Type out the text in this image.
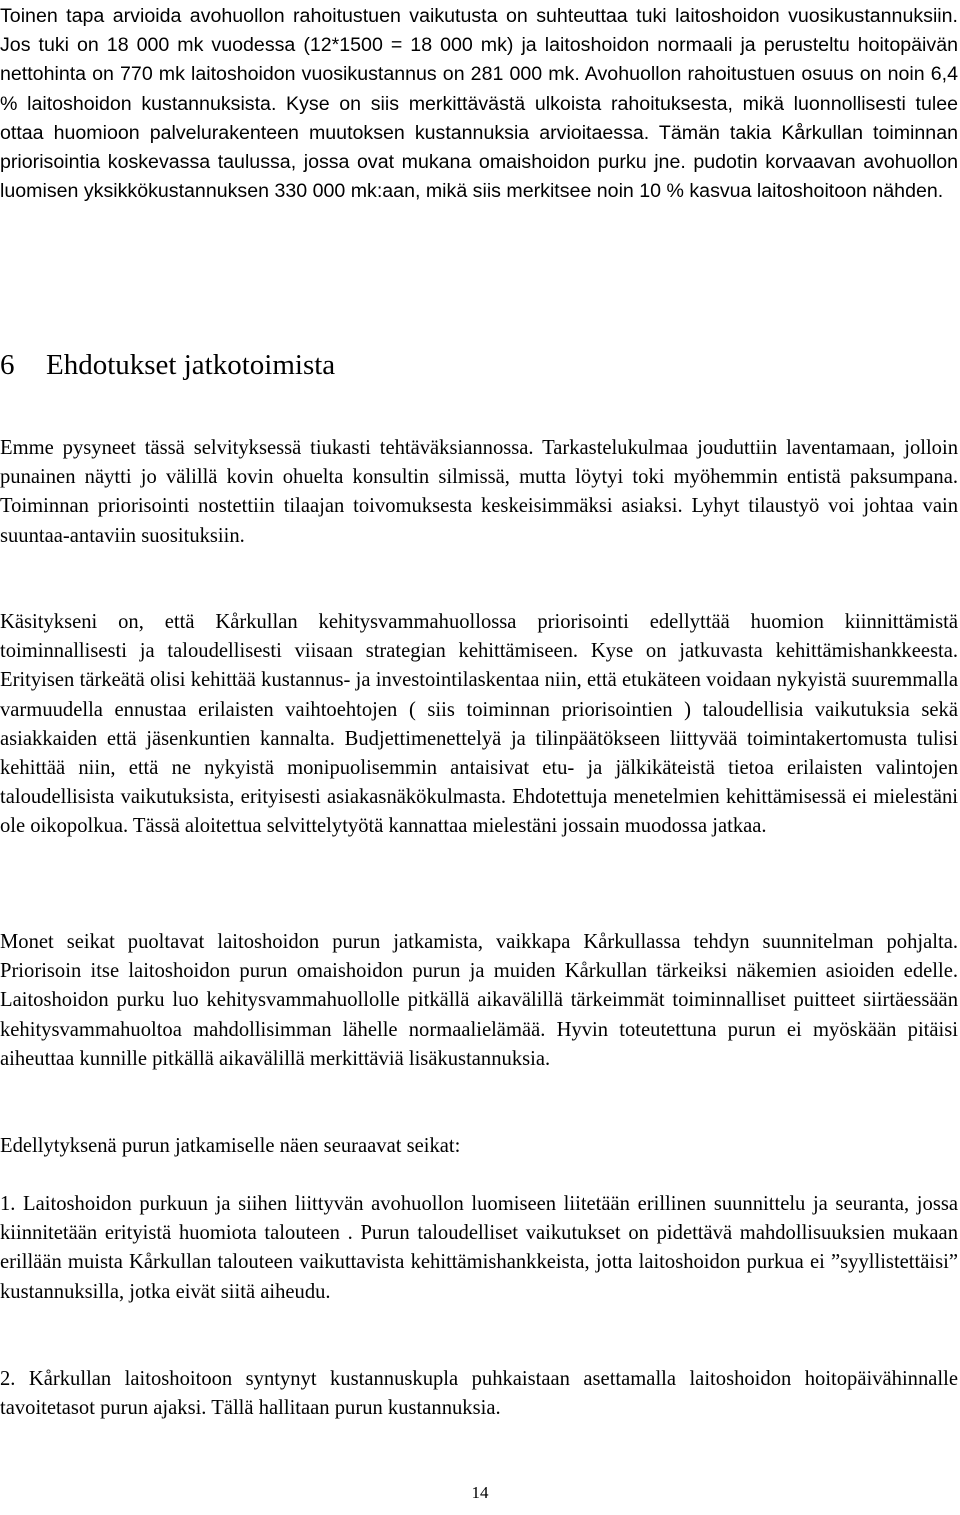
Toinen tapa arvioida avohuollon rahoitustuen vaikutusta on suhteuttaa tuki laitoshoidon vuosikustannuksiin. Jos tuki on 18 000 mk vuodessa (12*1500 = 18 000 mk) ja laitoshoidon normaali ja perusteltu hoitopäivän nettohinta on 770 mk laitoshoidon vuosikustannus on 281 000 mk. Avohuollon rahoitustuen osuus on noin 6,4 % laitoshoidon kustannuksista. Kyse on siis merkittävästä ulkoista rahoituksesta, mikä luonnollisesti tulee ottaa huomioon palvelurakenteen muutoksen kustannuksia arvioitaessa. Tämän takia Kårkullan toiminnan priorisointia koskevassa taulussa, jossa ovat mukana omaishoidon purku jne. pudotin korvaavan avohuollon luomisen yksikkökustannuksen 330 000 mk:aan, mikä siis merkitsee noin 10 % kasvua laitoshoitoon nähden.

6 Ehdotukset jatkotoimista

Emme pysyneet tässä selvityksessä tiukasti tehtäväksiannossa. Tarkastelukulmaa jouduttiin laventamaan, jolloin punainen näytti jo välillä kovin ohuelta konsultin silmissä, mutta löytyi toki myöhemmin entistä paksumpana. Toiminnan priorisointi nostettiin tilaajan toivomuksesta keskeisimmäksi asiaksi. Lyhyt tilaustyö voi johtaa vain suuntaa-antaviin suosituksiin.

Käsitykseni on, että Kårkullan kehitysvammahuollossa priorisointi edellyttää huomion kiinnittämistä toiminnallisesti ja taloudellisesti viisaan strategian kehittämiseen. Kyse on jatkuvasta kehittämishankkeesta. Erityisen tärkeätä olisi kehittää kustannus- ja investointilaskentaa niin, että etukäteen voidaan nykyistä suuremmalla varmuudella ennustaa erilaisten vaihtoehtojen ( siis toiminnan priorisointien ) taloudellisia vaikutuksia sekä asiakkaiden että jäsenkuntien kannalta. Budjettimenettelyä ja tilinpäätökseen liittyvää toimintakertomusta tulisi kehittää niin, että ne nykyistä monipuolisemmin antaisivat etu- ja jälkikäteistä tietoa erilaisten valintojen taloudellisista vaikutuksista, erityisesti asiakasnäkökulmasta. Ehdotettuja menetelmien kehittämisessä ei mielestäni ole oikopolkua. Tässä aloitettua selvittelytyötä kannattaa mielestäni jossain muodossa jatkaa.

Monet seikat puoltavat laitoshoidon purun jatkamista, vaikkapa Kårkullassa tehdyn suunnitelman pohjalta. Priorisoin itse laitoshoidon purun omaishoidon purun ja muiden Kårkullan tärkeiksi näkemien asioiden edelle. Laitoshoidon purku luo kehitysvammahuollolle pitkällä aikavälillä tärkeimmät toiminnalliset puitteet siirtäessään kehitysvammahuoltoa mahdollisimman lähelle normaalielämää. Hyvin toteutettuna purun ei myöskään pitäisi aiheuttaa kunnille pitkällä aikavälillä merkittäviä lisäkustannuksia.

Edellytyksenä purun jatkamiselle näen seuraavat seikat:

1. Laitoshoidon purkuun ja siihen liittyvän avohuollon luomiseen liitetään erillinen suunnittelu ja seuranta, jossa kiinnitetään erityistä huomiota talouteen . Purun taloudelliset vaikutukset on pidettävä mahdollisuuksien mukaan erillään muista Kårkullan talouteen vaikuttavista kehittämishankkeista, jotta laitoshoidon purkua ei ”syyllistettäisi” kustannuksilla, jotka eivät siitä aiheudu.

2. Kårkullan laitoshoitoon syntynyt kustannuskupla puhkaistaan asettamalla laitoshoidon hoitopäivähinnalle tavoitetasot purun ajaksi. Tällä hallitaan purun kustannuksia.

14
